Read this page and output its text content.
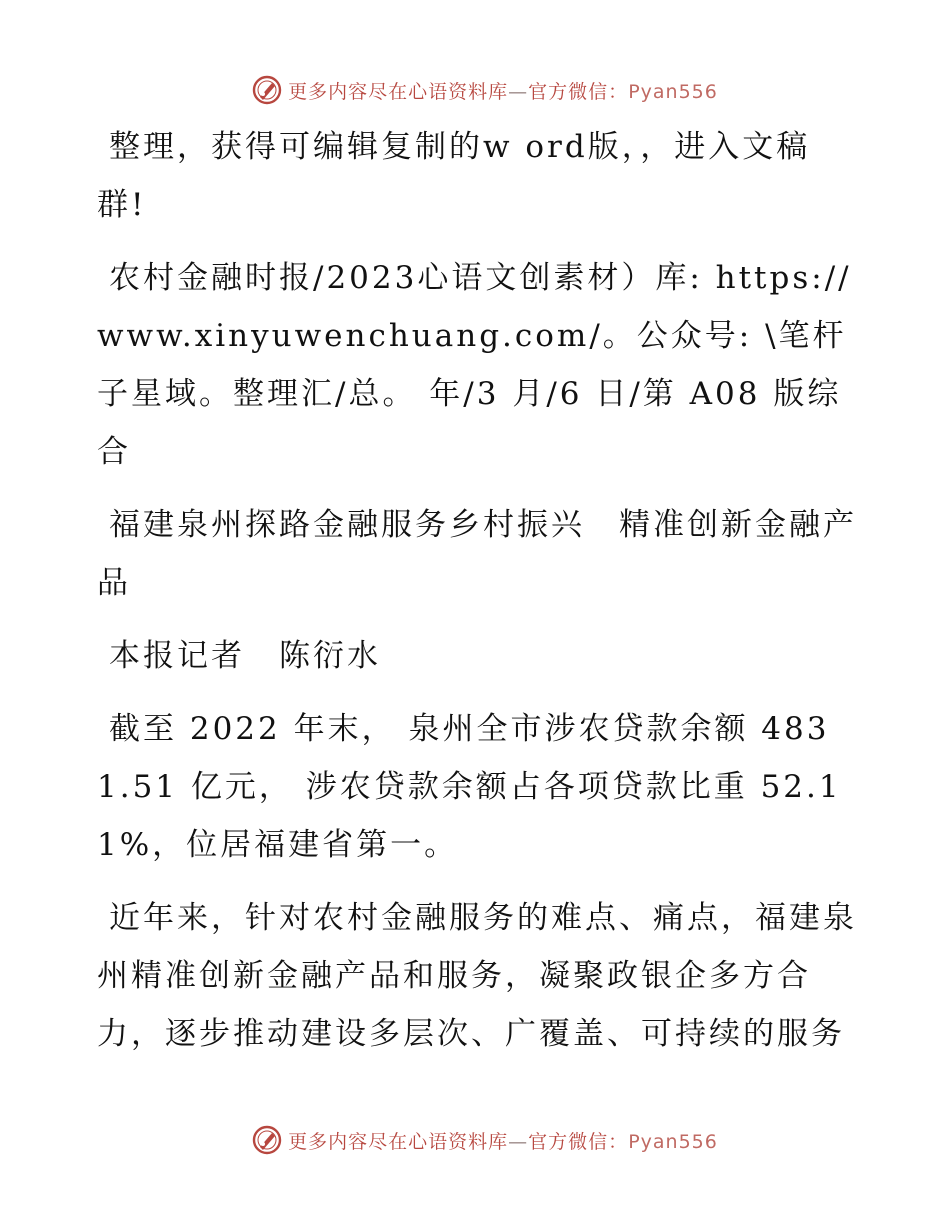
更多内容尽在心语资料库—官方微信：Pyan556

整理，获得可编辑复制的w ord版，，进入文稿群!

农村金融时报/2023心语文创素材）库: https://www.xinyuwenchuang.com/。公众号: \笔杆子星域。整理汇/总。 年/3 月/6 日/第 A08 版综合

福建泉州探路金融服务乡村振兴　精准创新金融产品

本报记者　陈衍水

截至 2022 年末， 泉州全市涉农贷款余额 4831.51 亿元， 涉农贷款余额占各项贷款比重 52.11%，位居福建省第一。

近年来，针对农村金融服务的难点、痛点，福建泉州精准创新金融产品和服务，凝聚政银企多方合力，逐步推动建设多层次、广覆盖、可持续的服务

更多内容尽在心语资料库—官方微信：Pyan556
